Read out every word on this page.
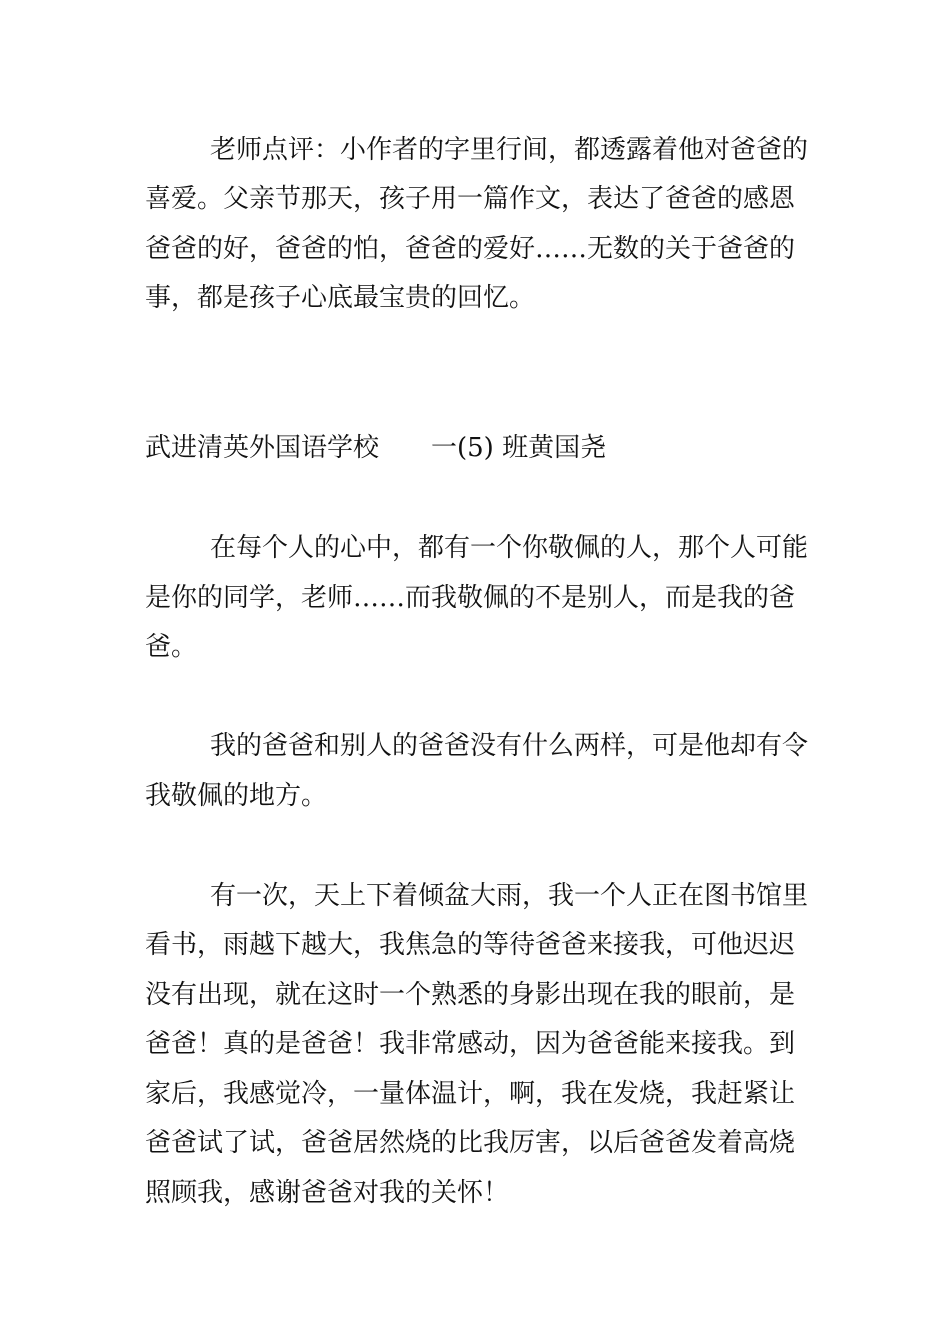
老师点评：小作者的字里行间，都透露着他对爸爸的
喜爱。父亲节那天，孩子用一篇作文，表达了爸爸的感恩
爸爸的好，爸爸的怕，爸爸的爱好……无数的关于爸爸的
事，都是孩子心底最宝贵的回忆。
武进清英外国语学校　　一(5) 班黄国尧
在每个人的心中，都有一个你敬佩的人，那个人可能
是你的同学，老师……而我敬佩的不是别人，而是我的爸
爸。
我的爸爸和别人的爸爸没有什么两样，可是他却有令
我敬佩的地方。
有一次，天上下着倾盆大雨，我一个人正在图书馆里
看书，雨越下越大，我焦急的等待爸爸来接我，可他迟迟
没有出现，就在这时一个熟悉的身影出现在我的眼前，是
爸爸！真的是爸爸！我非常感动，因为爸爸能来接我。到
家后，我感觉冷，一量体温计，啊，我在发烧，我赶紧让
爸爸试了试，爸爸居然烧的比我厉害，以后爸爸发着高烧
照顾我，感谢爸爸对我的关怀！
